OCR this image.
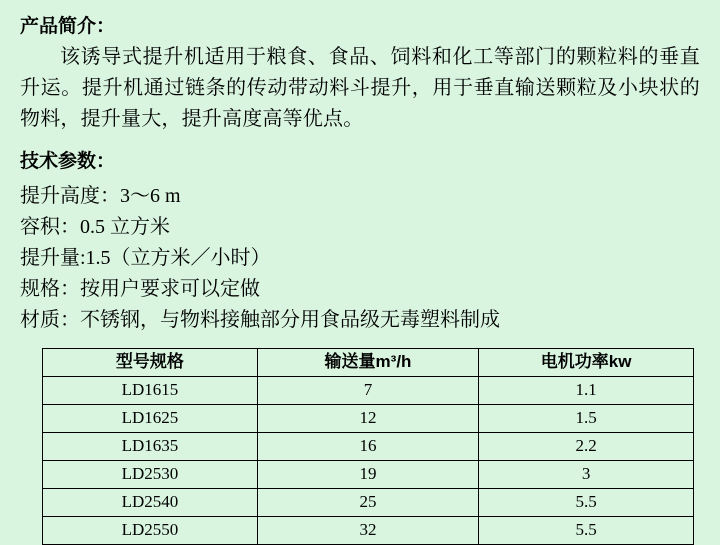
产品简介：

该诱导式提升机适用于粮食、食品、饲料和化工等部门的颗粒料的垂直升运。提升机通过链条的传动带动料斗提升，用于垂直输送颗粒及小块状的物料，提升量大，提升高度高等优点。

技术参数：

提升高度：3～6 m

容积：0.5 立方米

提升量:1.5（立方米／小时）

规格：按用户要求可以定做

材质：不锈钢，与物料接触部分用食品级无毒塑料制成

型号规格	输送量m³/h	电机功率kw
LD1615	7	1.1
LD1625	12	1.5
LD1635	16	2.2
LD2530	19	3
LD2540	25	5.5
LD2550	32	5.5
